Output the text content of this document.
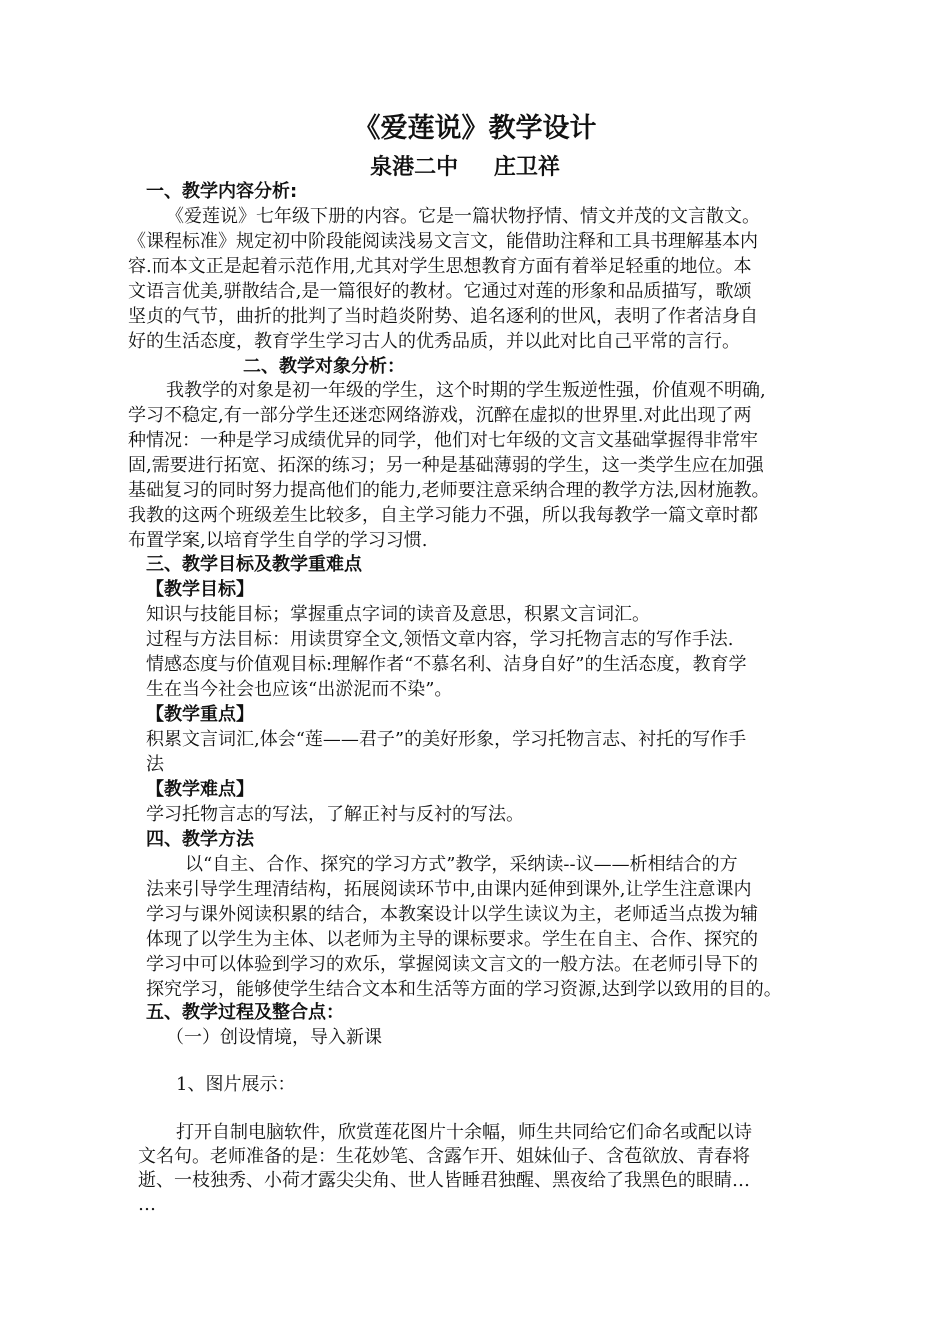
《爱莲说》教学设计
泉港二中 庄卫祥
一、教学内容分析:
《爱莲说》七年级下册的内容。它是一篇状物抒情、情文并茂的文言散文。
《课程标准》规定初中阶段能阅读浅易文言文，能借助注释和工具书理解基本内
容.而本文正是起着示范作用,尤其对学生思想教育方面有着举足轻重的地位。本
文语言优美,骈散结合,是一篇很好的教材。它通过对莲的形象和品质描写，歌颂
坚贞的气节，曲折的批判了当时趋炎附势、追名逐利的世风，表明了作者洁身自
好的生活态度，教育学生学习古人的优秀品质，并以此对比自己平常的言行。
二、教学对象分析：
我教学的对象是初一年级的学生，这个时期的学生叛逆性强，价值观不明确,
学习不稳定,有一部分学生还迷恋网络游戏，沉醉在虚拟的世界里.对此出现了两
种情况：一种是学习成绩优异的同学，他们对七年级的文言文基础掌握得非常牢
固,需要进行拓宽、拓深的练习；另一种是基础薄弱的学生，这一类学生应在加强
基础复习的同时努力提高他们的能力,老师要注意采纳合理的教学方法,因材施教。
我教的这两个班级差生比较多，自主学习能力不强，所以我每教学一篇文章时都
布置学案,以培育学生自学的学习习惯.
三、教学目标及教学重难点
【教学目标】
知识与技能目标；掌握重点字词的读音及意思，积累文言词汇。
过程与方法目标：用读贯穿全文,领悟文章内容，学习托物言志的写作手法.
情感态度与价值观目标:理解作者“不慕名利、洁身自好”的生活态度，教育学
生在当今社会也应该“出淤泥而不染”。
【教学重点】
积累文言词汇,体会“莲——君子”的美好形象，学习托物言志、衬托的写作手
法
【教学难点】
学习托物言志的写法，了解正衬与反衬的写法。
四、教学方法
以“自主、合作、探究的学习方式”教学，采纳读--议——析相结合的方
法来引导学生理清结构，拓展阅读环节中,由课内延伸到课外,让学生注意课内
学习与课外阅读积累的结合，本教案设计以学生读议为主，老师适当点拨为辅
体现了以学生为主体、以老师为主导的课标要求。学生在自主、合作、探究的
学习中可以体验到学习的欢乐，掌握阅读文言文的一般方法。在老师引导下的
探究学习，能够使学生结合文本和生活等方面的学习资源,达到学以致用的目的。
五、教学过程及整合点：
（一）创设情境，导入新课
1、图片展示：
打开自制电脑软件，欣赏莲花图片十余幅，师生共同给它们命名或配以诗
文名句。老师准备的是：生花妙笔、含露乍开、姐妹仙子、含苞欲放、青春将
逝、一枝独秀、小荷才露尖尖角、世人皆睡君独醒、黑夜给了我黑色的眼睛…
…
